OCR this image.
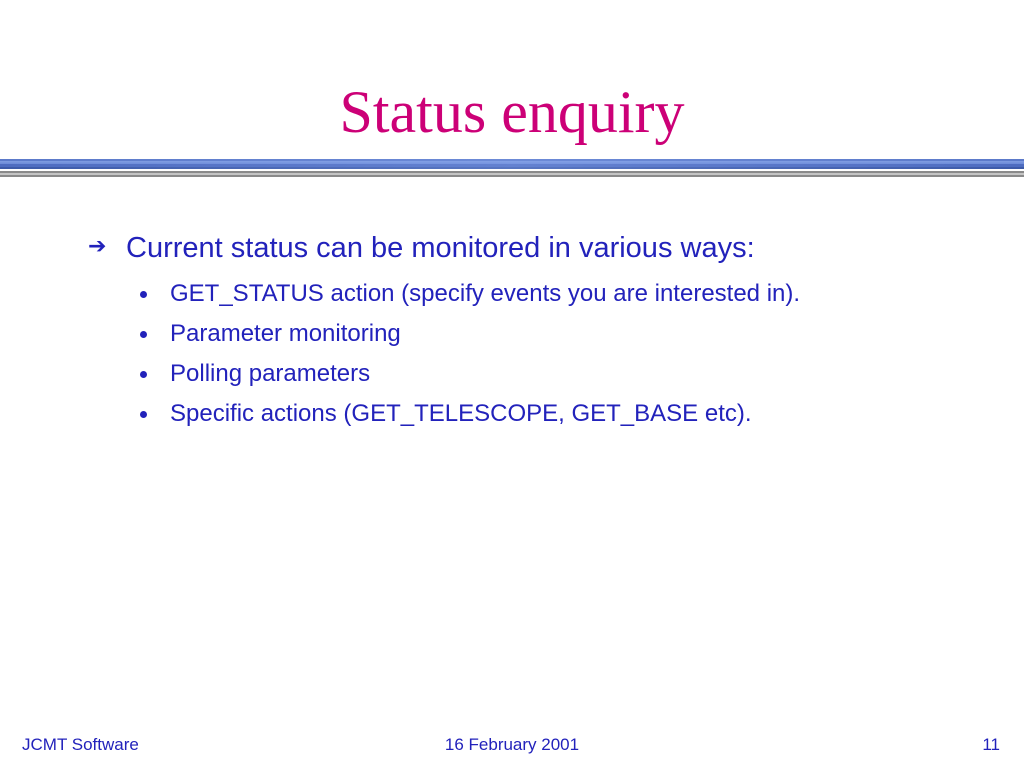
Status enquiry
➔ Current status can be monitored in various ways:
GET_STATUS action (specify events you are interested in).
Parameter monitoring
Polling parameters
Specific actions (GET_TELESCOPE, GET_BASE etc).
JCMT Software	16 February 2001	11
